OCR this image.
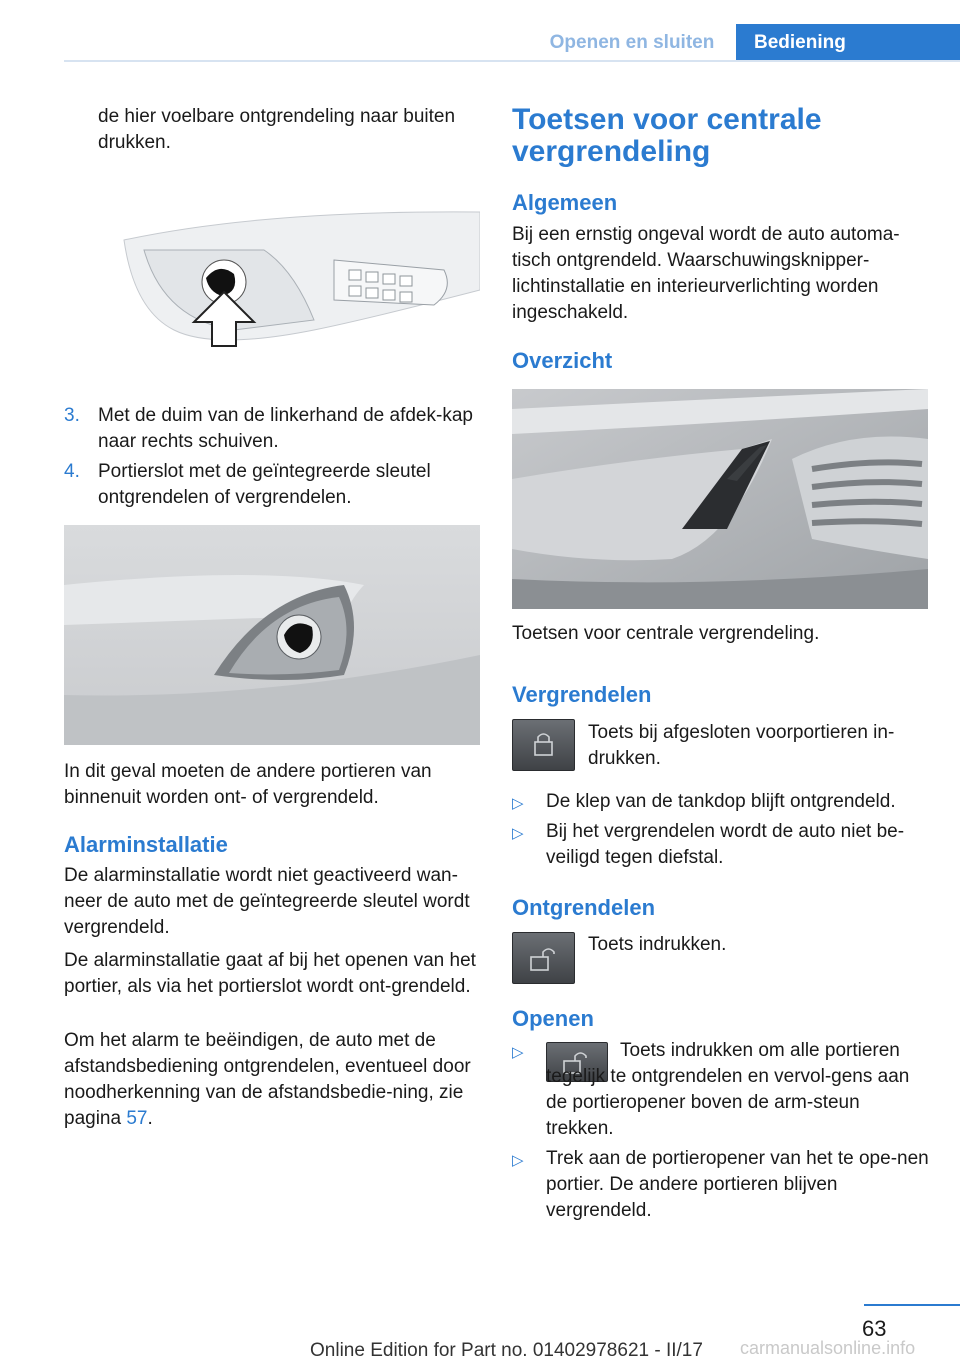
Openen en sluiten	Bediening

de hier voelbare ontgrendeling naar buiten drukken.

3. Met de duim van de linkerhand de afdek-kap naar rechts schuiven.
4. Portierslot met de geïntegreerde sleutel ontgrendelen of vergrendelen.

In dit geval moeten de andere portieren van binnenuit worden ont- of vergrendeld.

Alarminstallatie

De alarminstallatie wordt niet geactiveerd wan-neer de auto met de geïntegreerde sleutel wordt vergrendeld.

De alarminstallatie gaat af bij het openen van het portier, als via het portierslot wordt ont-grendeld.

Om het alarm te beëindigen, de auto met de afstandsbediening ontgrendelen, eventueel door noodherkenning van de afstandsbedie-ning, zie pagina 57.

Toetsen voor centrale vergrendeling
Algemeen

Bij een ernstig ongeval wordt de auto automa-tisch ontgrendeld. Waarschuwingsknipper-lichtinstallatie en interieurverlichting worden ingeschakeld.

Overzicht

Toetsen voor centrale vergrendeling.

Vergrendelen

Toets bij afgesloten voorportieren in-drukken.

▷ De klep van de tankdop blijft ontgrendeld.
▷ Bij het vergrendelen wordt de auto niet be-veiligd tegen diefstal.
Ontgrendelen

Toets indrukken.

Openen
▷	Toets indrukken om alle portieren tegelijk te ontgrendelen en vervol-gens aan de portieropener boven de arm-steun trekken.
▷ Trek aan de portieropener van het te ope-nen portier. De andere portieren blijven vergrendeld.
63
Online Edition for Part no. 01402978621 - II/17 carmanualsonline.info
